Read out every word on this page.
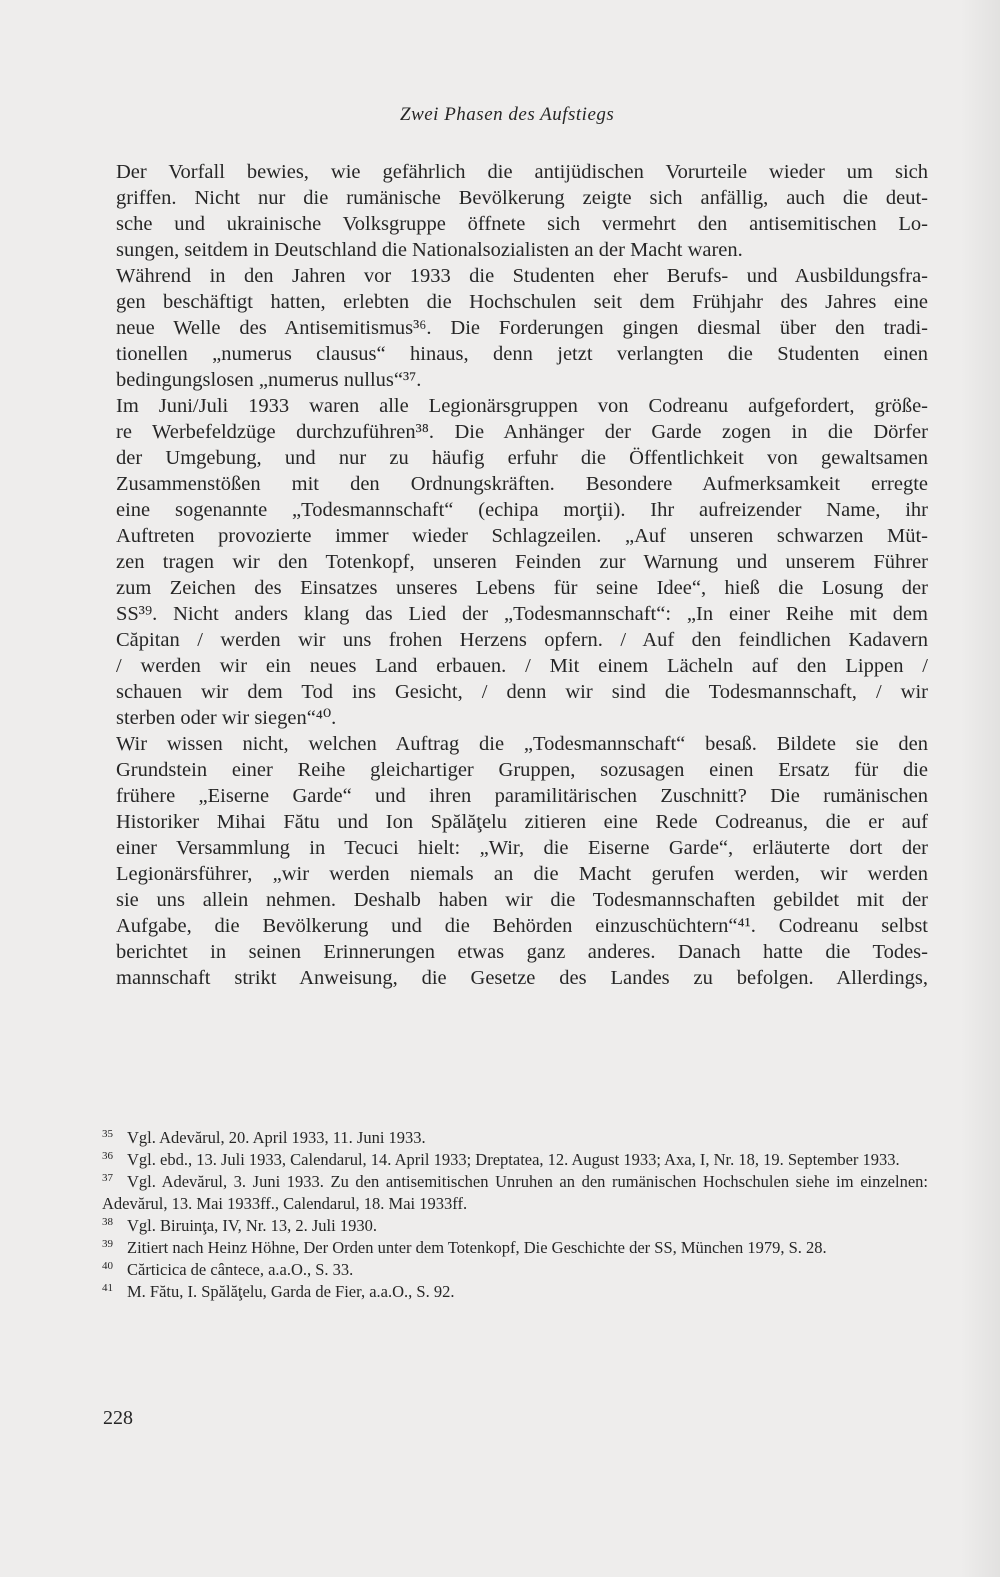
Zwei Phasen des Aufstiegs
Der Vorfall bewies, wie gefährlich die antijüdischen Vorurteile wieder um sich
griffen. Nicht nur die rumänische Bevölkerung zeigte sich anfällig, auch die deut-
sche und ukrainische Volksgruppe öffnete sich vermehrt den antisemitischen Lo-
sungen, seitdem in Deutschland die Nationalsozialisten an der Macht waren.
Während in den Jahren vor 1933 die Studenten eher Berufs- und Ausbildungsfra-
gen beschäftigt hatten, erlebten die Hochschulen seit dem Frühjahr des Jahres eine
neue Welle des Antisemitismus³⁶. Die Forderungen gingen diesmal über den tradi-
tionellen „numerus clausus“ hinaus, denn jetzt verlangten die Studenten einen
bedingungslosen „numerus nullus“³⁷.
Im Juni/Juli 1933 waren alle Legionärsgruppen von Codreanu aufgefordert, größe-
re Werbefeldzüge durchzuführen³⁸. Die Anhänger der Garde zogen in die Dörfer
der Umgebung, und nur zu häufig erfuhr die Öffentlichkeit von gewaltsamen
Zusammenstößen mit den Ordnungskräften. Besondere Aufmerksamkeit erregte
eine sogenannte „Todesmannschaft“ (echipa morţii). Ihr aufreizender Name, ihr
Auftreten provozierte immer wieder Schlagzeilen. „Auf unseren schwarzen Müt-
zen tragen wir den Totenkopf, unseren Feinden zur Warnung und unserem Führer
zum Zeichen des Einsatzes unseres Lebens für seine Idee“, hieß die Losung der
SS³⁹. Nicht anders klang das Lied der „Todesmannschaft“: „In einer Reihe mit dem
Căpitan / werden wir uns frohen Herzens opfern. / Auf den feindlichen Kadavern
/ werden wir ein neues Land erbauen. / Mit einem Lächeln auf den Lippen /
schauen wir dem Tod ins Gesicht, / denn wir sind die Todesmannschaft, / wir
sterben oder wir siegen“⁴⁰.
Wir wissen nicht, welchen Auftrag die „Todesmannschaft“ besaß. Bildete sie den
Grundstein einer Reihe gleichartiger Gruppen, sozusagen einen Ersatz für die
frühere „Eiserne Garde“ und ihren paramilitärischen Zuschnitt? Die rumänischen
Historiker Mihai Fătu und Ion Spălăţelu zitieren eine Rede Codreanus, die er auf
einer Versammlung in Tecuci hielt: „Wir, die Eiserne Garde“, erläuterte dort der
Legionärsführer, „wir werden niemals an die Macht gerufen werden, wir werden
sie uns allein nehmen. Deshalb haben wir die Todesmannschaften gebildet mit der
Aufgabe, die Bevölkerung und die Behörden einzuschüchtern“⁴¹. Codreanu selbst
berichtet in seinen Erinnerungen etwas ganz anderes. Danach hatte die Todes-
mannschaft strikt Anweisung, die Gesetze des Landes zu befolgen. Allerdings,

$^{35}$ Vgl. Adevărul, 20. April 1933, 11. Juni 1933.

$^{36}$ Vgl. ebd., 13. Juli 1933, Calendarul, 14. April 1933; Dreptatea, 12. August 1933; Axa, I, Nr. 18, 19. September 1933.

$^{37}$ Vgl. Adevărul, 3. Juni 1933. Zu den antisemitischen Unruhen an den rumänischen Hochschulen siehe im einzelnen: Adevărul, 13. Mai 1933ff., Calendarul, 18. Mai 1933ff.

$^{38}$ Vgl. Biruinţa, IV, Nr. 13, 2. Juli 1930.

$^{39}$ Zitiert nach Heinz Höhne, Der Orden unter dem Totenkopf, Die Geschichte der SS, München 1979, S. 28.

$^{40}$ Cărticica de cântece, a.a.O., S. 33.

$^{41}$ M. Fătu, I. Spălăţelu, Garda de Fier, a.a.O., S. 92.

228
